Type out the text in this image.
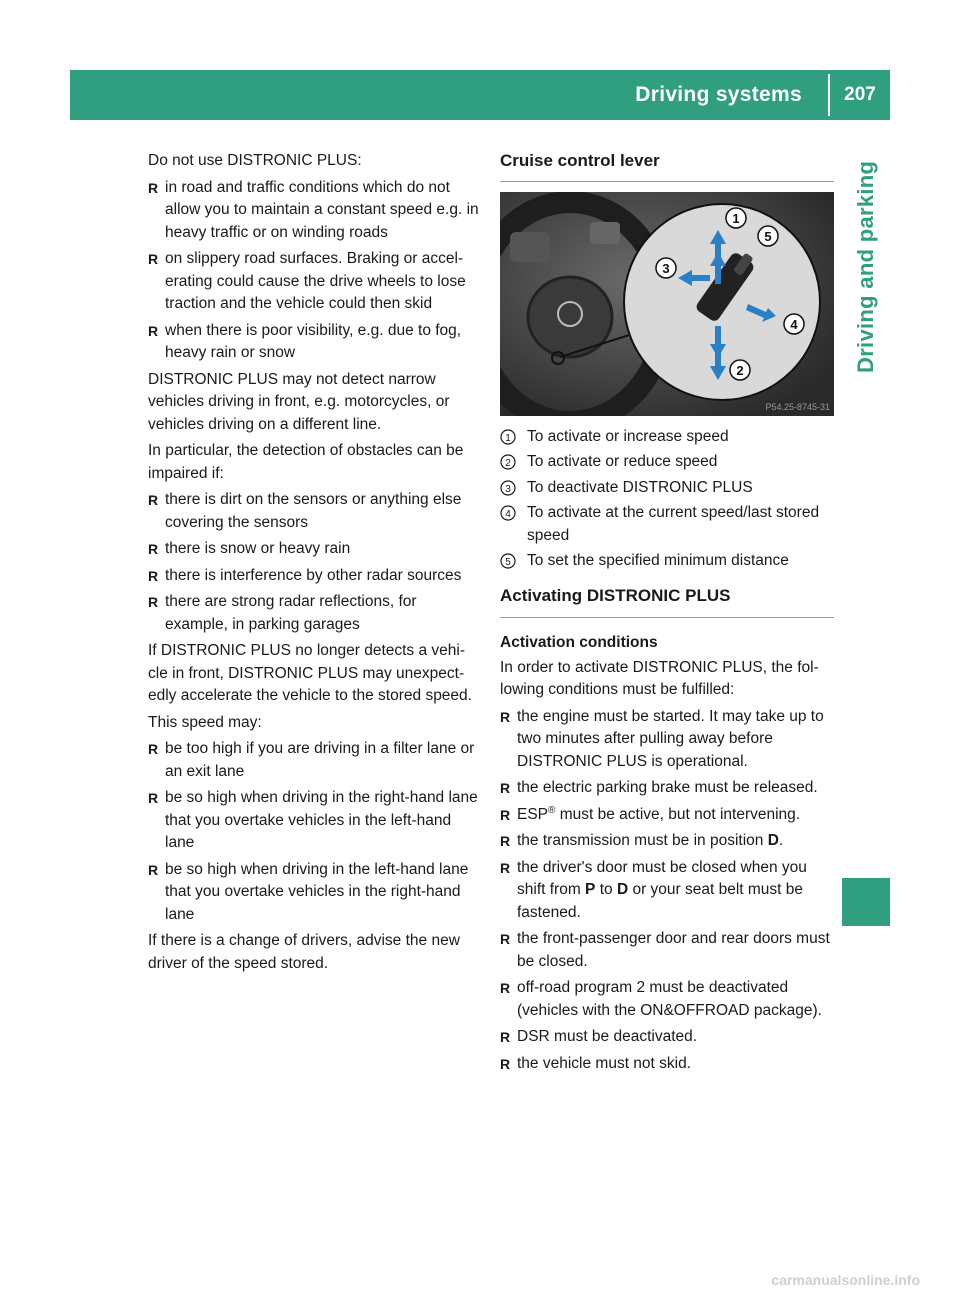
Driving systems	207
Driving and parking

Do not use DISTRONIC PLUS:

R in road and traffic conditions which do not allow you to maintain a constant speed e.g. in heavy traffic or on winding roads
R on slippery road surfaces. Braking or accel-erating could cause the drive wheels to lose traction and the vehicle could then skid
R when there is poor visibility, e.g. due to fog, heavy rain or snow

DISTRONIC PLUS may not detect narrow vehicles driving in front, e.g. motorcycles, or vehicles driving on a different line.

In particular, the detection of obstacles can be impaired if:

R there is dirt on the sensors or anything else covering the sensors
R there is snow or heavy rain
R there is interference by other radar sources
R there are strong radar reflections, for example, in parking garages

If DISTRONIC PLUS no longer detects a vehi-cle in front, DISTRONIC PLUS may unexpect-edly accelerate the vehicle to the stored speed.

This speed may:

R be too high if you are driving in a filter lane or an exit lane
R be so high when driving in the right-hand lane that you overtake vehicles in the left-hand lane
R be so high when driving in the left-hand lane that you overtake vehicles in the right-hand lane

If there is a change of drivers, advise the new driver of the speed stored.

Cruise control lever
1
2
3
4
5
P54.25-8745-31
1 To activate or increase speed
2 To activate or reduce speed
3 To deactivate DISTRONIC PLUS
4 To activate at the current speed/last stored speed
5 To set the specified minimum distance
Activating DISTRONIC PLUS
Activation conditions

In order to activate DISTRONIC PLUS, the fol-lowing conditions must be fulfilled:

R the engine must be started. It may take up to two minutes after pulling away before DISTRONIC PLUS is operational.
R the electric parking brake must be released.
R ESP® must be active, but not intervening.
R the transmission must be in position D.
R the driver's door must be closed when you shift from P to D or your seat belt must be fastened.
R the front-passenger door and rear doors must be closed.
R off-road program 2 must be deactivated (vehicles with the ON&OFFROAD package).
R DSR must be deactivated.
R the vehicle must not skid.
carmanualsonline.info
